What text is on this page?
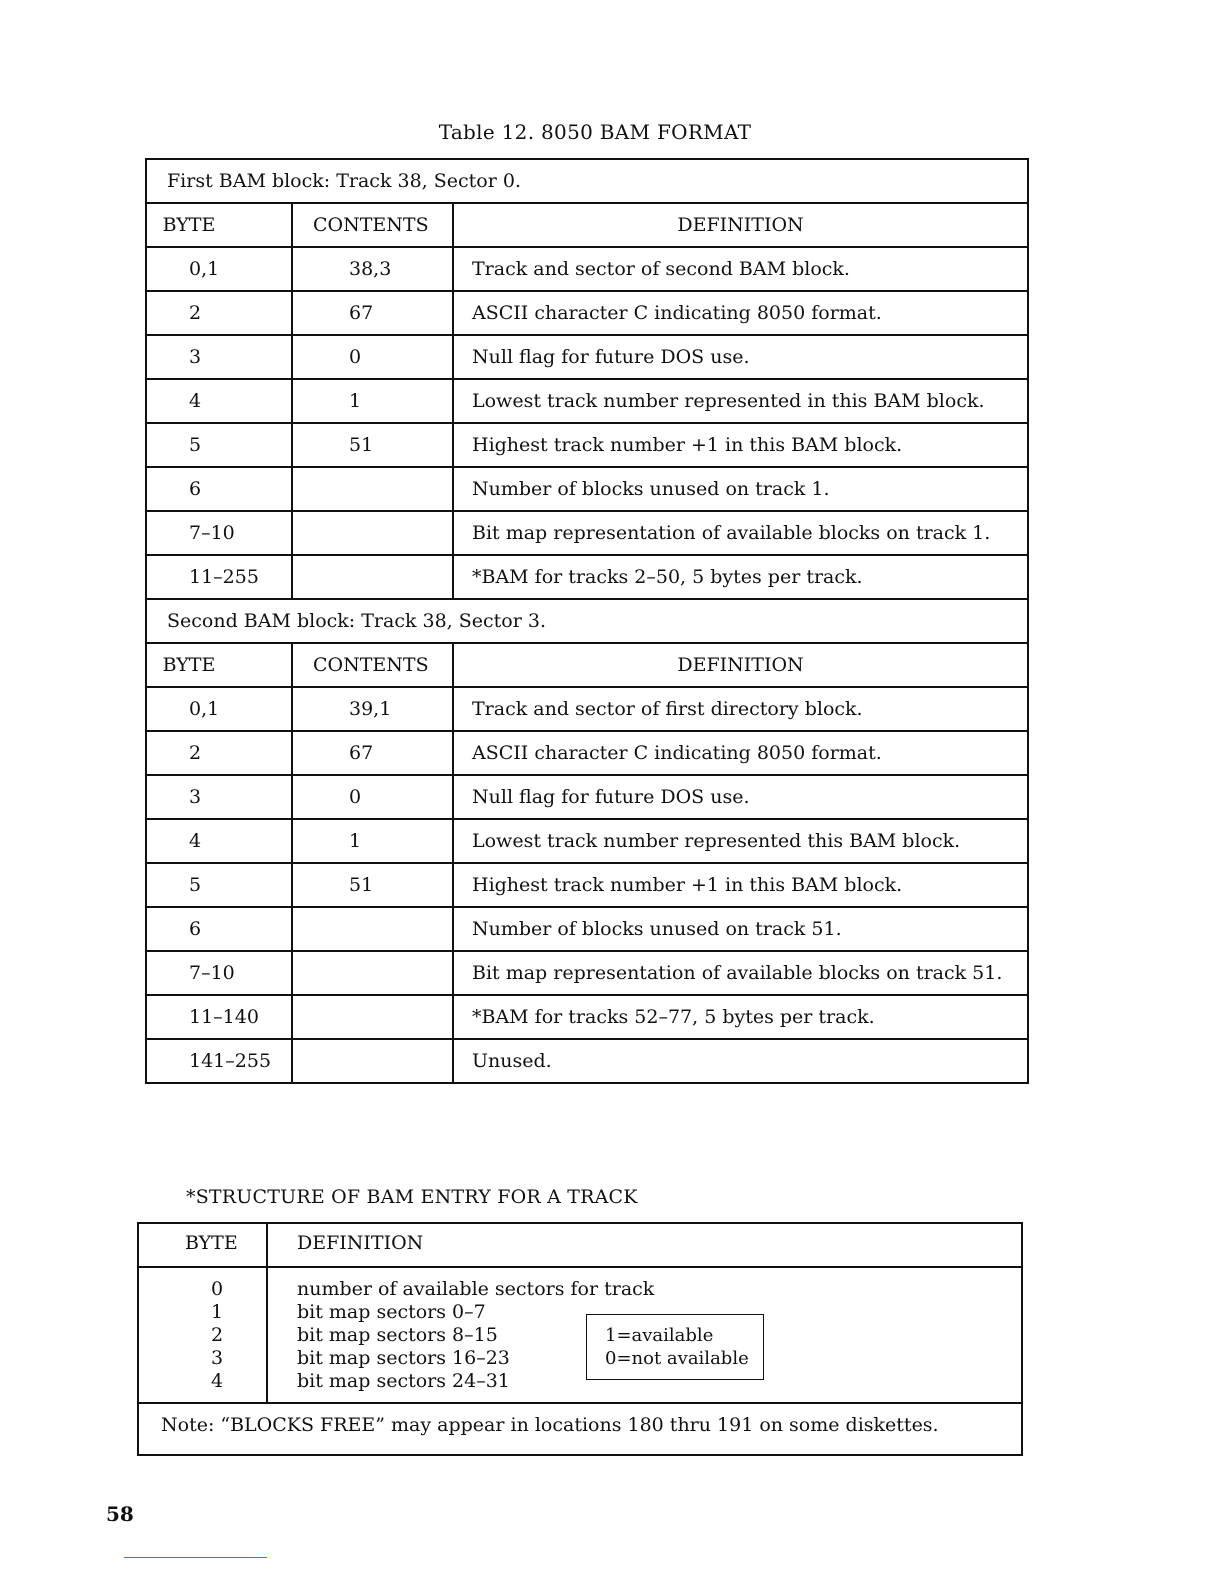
Table 12. 8050 BAM FORMAT
First BAM block: Track 38, Sector 0.		
BYTE	CONTENTS	DEFINITION
0,1	38,3	Track and sector of second BAM block.
2	67	ASCII character C indicating 8050 format.
3	0	Null flag for future DOS use.
4	1	Lowest track number represented in this BAM block.
5	51	Highest track number +1 in this BAM block.
6		Number of blocks unused on track 1.
7–10		Bit map representation of available blocks on track 1.
11–255		*BAM for tracks 2–50, 5 bytes per track.
Second BAM block: Track 38, Sector 3.		
BYTE	CONTENTS	DEFINITION
0,1	39,1	Track and sector of first directory block.
2	67	ASCII character C indicating 8050 format.
3	0	Null flag for future DOS use.
4	1	Lowest track number represented this BAM block.
5	51	Highest track number +1 in this BAM block.
6		Number of blocks unused on track 51.
7–10		Bit map representation of available blocks on track 51.
11–140		*BAM for tracks 52–77, 5 bytes per track.
141–255		Unused.
*STRUCTURE OF BAM ENTRY FOR A TRACK
BYTE	DEFINITION
0	number of available sectors for track
1	bit map sectors 0–7
2	bit map sectors 8–15
3	bit map sectors 16–23
4	bit map sectors 24–31
1=available
0=not available
Note: “BLOCKS FREE” may appear in locations 180 thru 191 on some diskettes.
58
